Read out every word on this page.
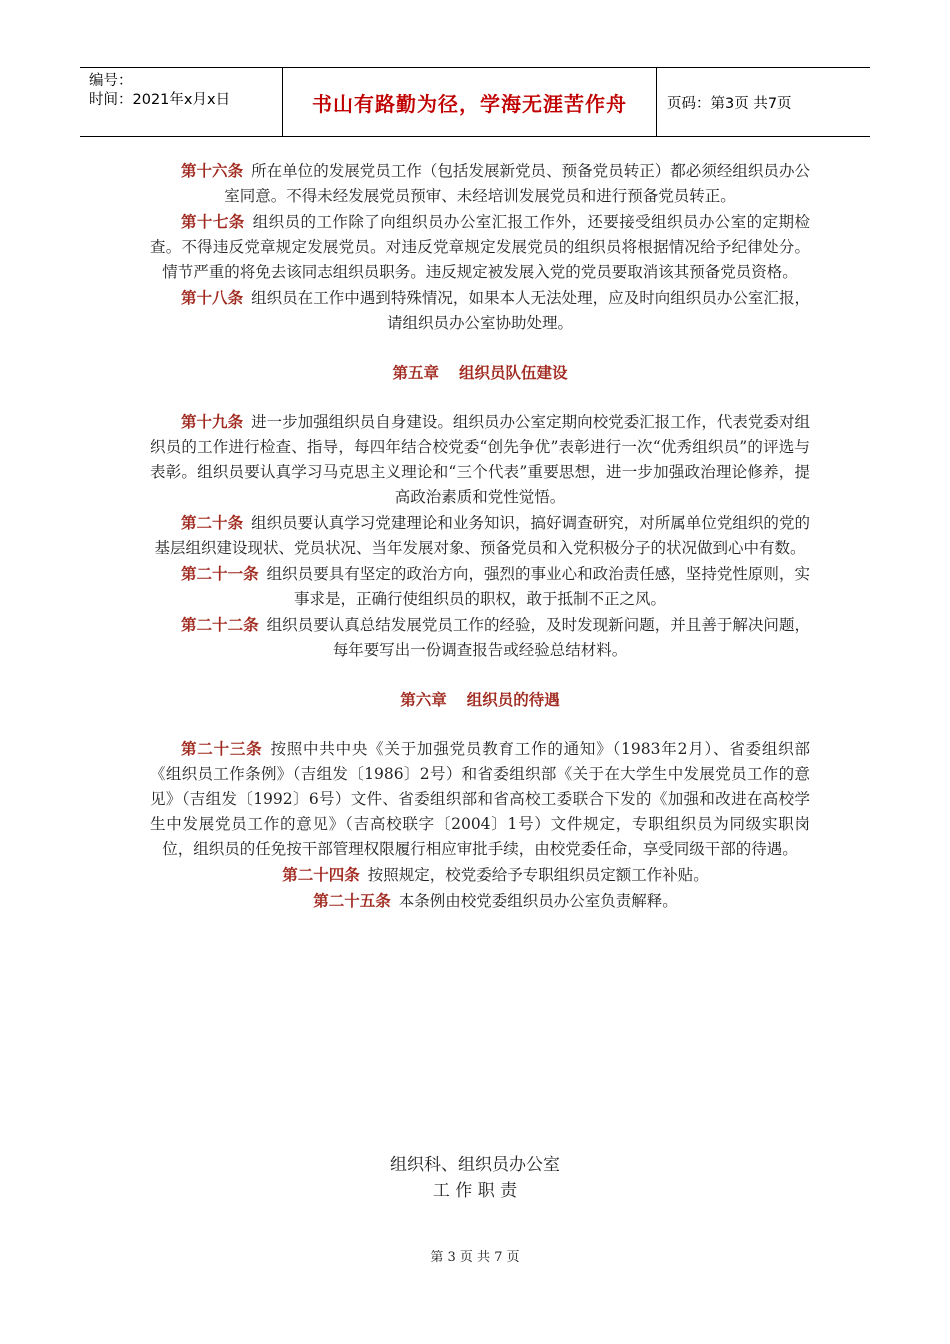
编号：
时间：2021年x月x日	书山有路勤为径，学海无涯苦作舟	页码：第3页 共7页

第十六条 所在单位的发展党员工作（包括发展新党员、预备党员转正）都必须经组织员办公室同意。不得未经发展党员预审、未经培训发展党员和进行预备党员转正。

第十七条 组织员的工作除了向组织员办公室汇报工作外，还要接受组织员办公室的定期检查。不得违反党章规定发展党员。对违反党章规定发展党员的组织员将根据情况给予纪律处分。情节严重的将免去该同志组织员职务。违反规定被发展入党的党员要取消该其预备党员资格。

第十八条 组织员在工作中遇到特殊情况，如果本人无法处理，应及时向组织员办公室汇报，请组织员办公室协助处理。

第五章 组织员队伍建设

第十九条 进一步加强组织员自身建设。组织员办公室定期向校党委汇报工作，代表党委对组织员的工作进行检查、指导，每四年结合校党委“创先争优”表彰进行一次“优秀组织员”的评选与表彰。组织员要认真学习马克思主义理论和“三个代表”重要思想，进一步加强政治理论修养，提高政治素质和党性觉悟。

第二十条 组织员要认真学习党建理论和业务知识，搞好调查研究，对所属单位党组织的党的基层组织建设现状、党员状况、当年发展对象、预备党员和入党积极分子的状况做到心中有数。

第二十一条 组织员要具有坚定的政治方向，强烈的事业心和政治责任感，坚持党性原则，实事求是，正确行使组织员的职权，敢于抵制不正之风。

第二十二条 组织员要认真总结发展党员工作的经验，及时发现新问题，并且善于解决问题，每年要写出一份调查报告或经验总结材料。

第六章 组织员的待遇

第二十三条 按照中共中央《关于加强党员教育工作的通知》（1983年2月）、省委组织部《组织员工作条例》（吉组发〔1986〕2号）和省委组织部《关于在大学生中发展党员工作的意见》（吉组发〔1992〕6号）文件、省委组织部和省高校工委联合下发的《加强和改进在高校学生中发展党员工作的意见》（吉高校联字〔2004〕1号）文件规定，专职组织员为同级实职岗位，组织员的任免按干部管理权限履行相应审批手续，由校党委任命，享受同级干部的待遇。

第二十四条 按照规定，校党委给予专职组织员定额工作补贴。

第二十五条 本条例由校党委组织员办公室负责解释。

组织科、组织员办公室
工 作 职 责
第 3 页 共 7 页
